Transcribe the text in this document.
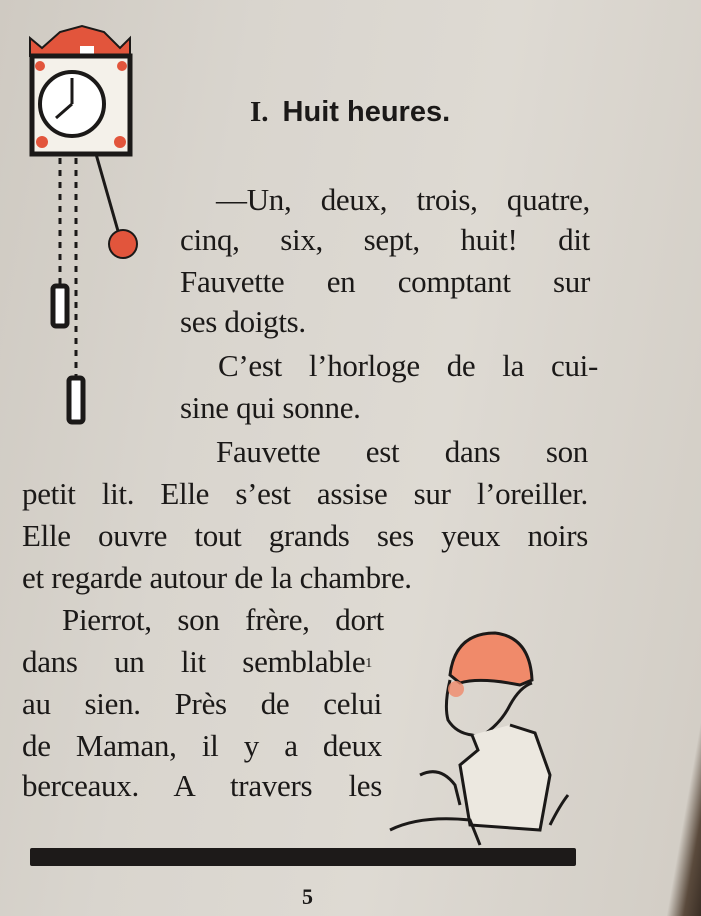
I. Huit heures.
—Un, deux, trois, quatre,
cinq, six, sept, huit! dit
Fauvette en comptant sur
ses doigts.
C’est l’horloge de la cui-
sine qui sonne.
Fauvette est dans son
petit lit. Elle s’est assise sur l’oreiller.
Elle ouvre tout grands ses yeux noirs
et regarde autour de la chambre.
Pierrot, son frère, dort
dans un lit semblable$^1$
au sien. Près de celui
de Maman, il y a deux
berceaux. A travers les
5
